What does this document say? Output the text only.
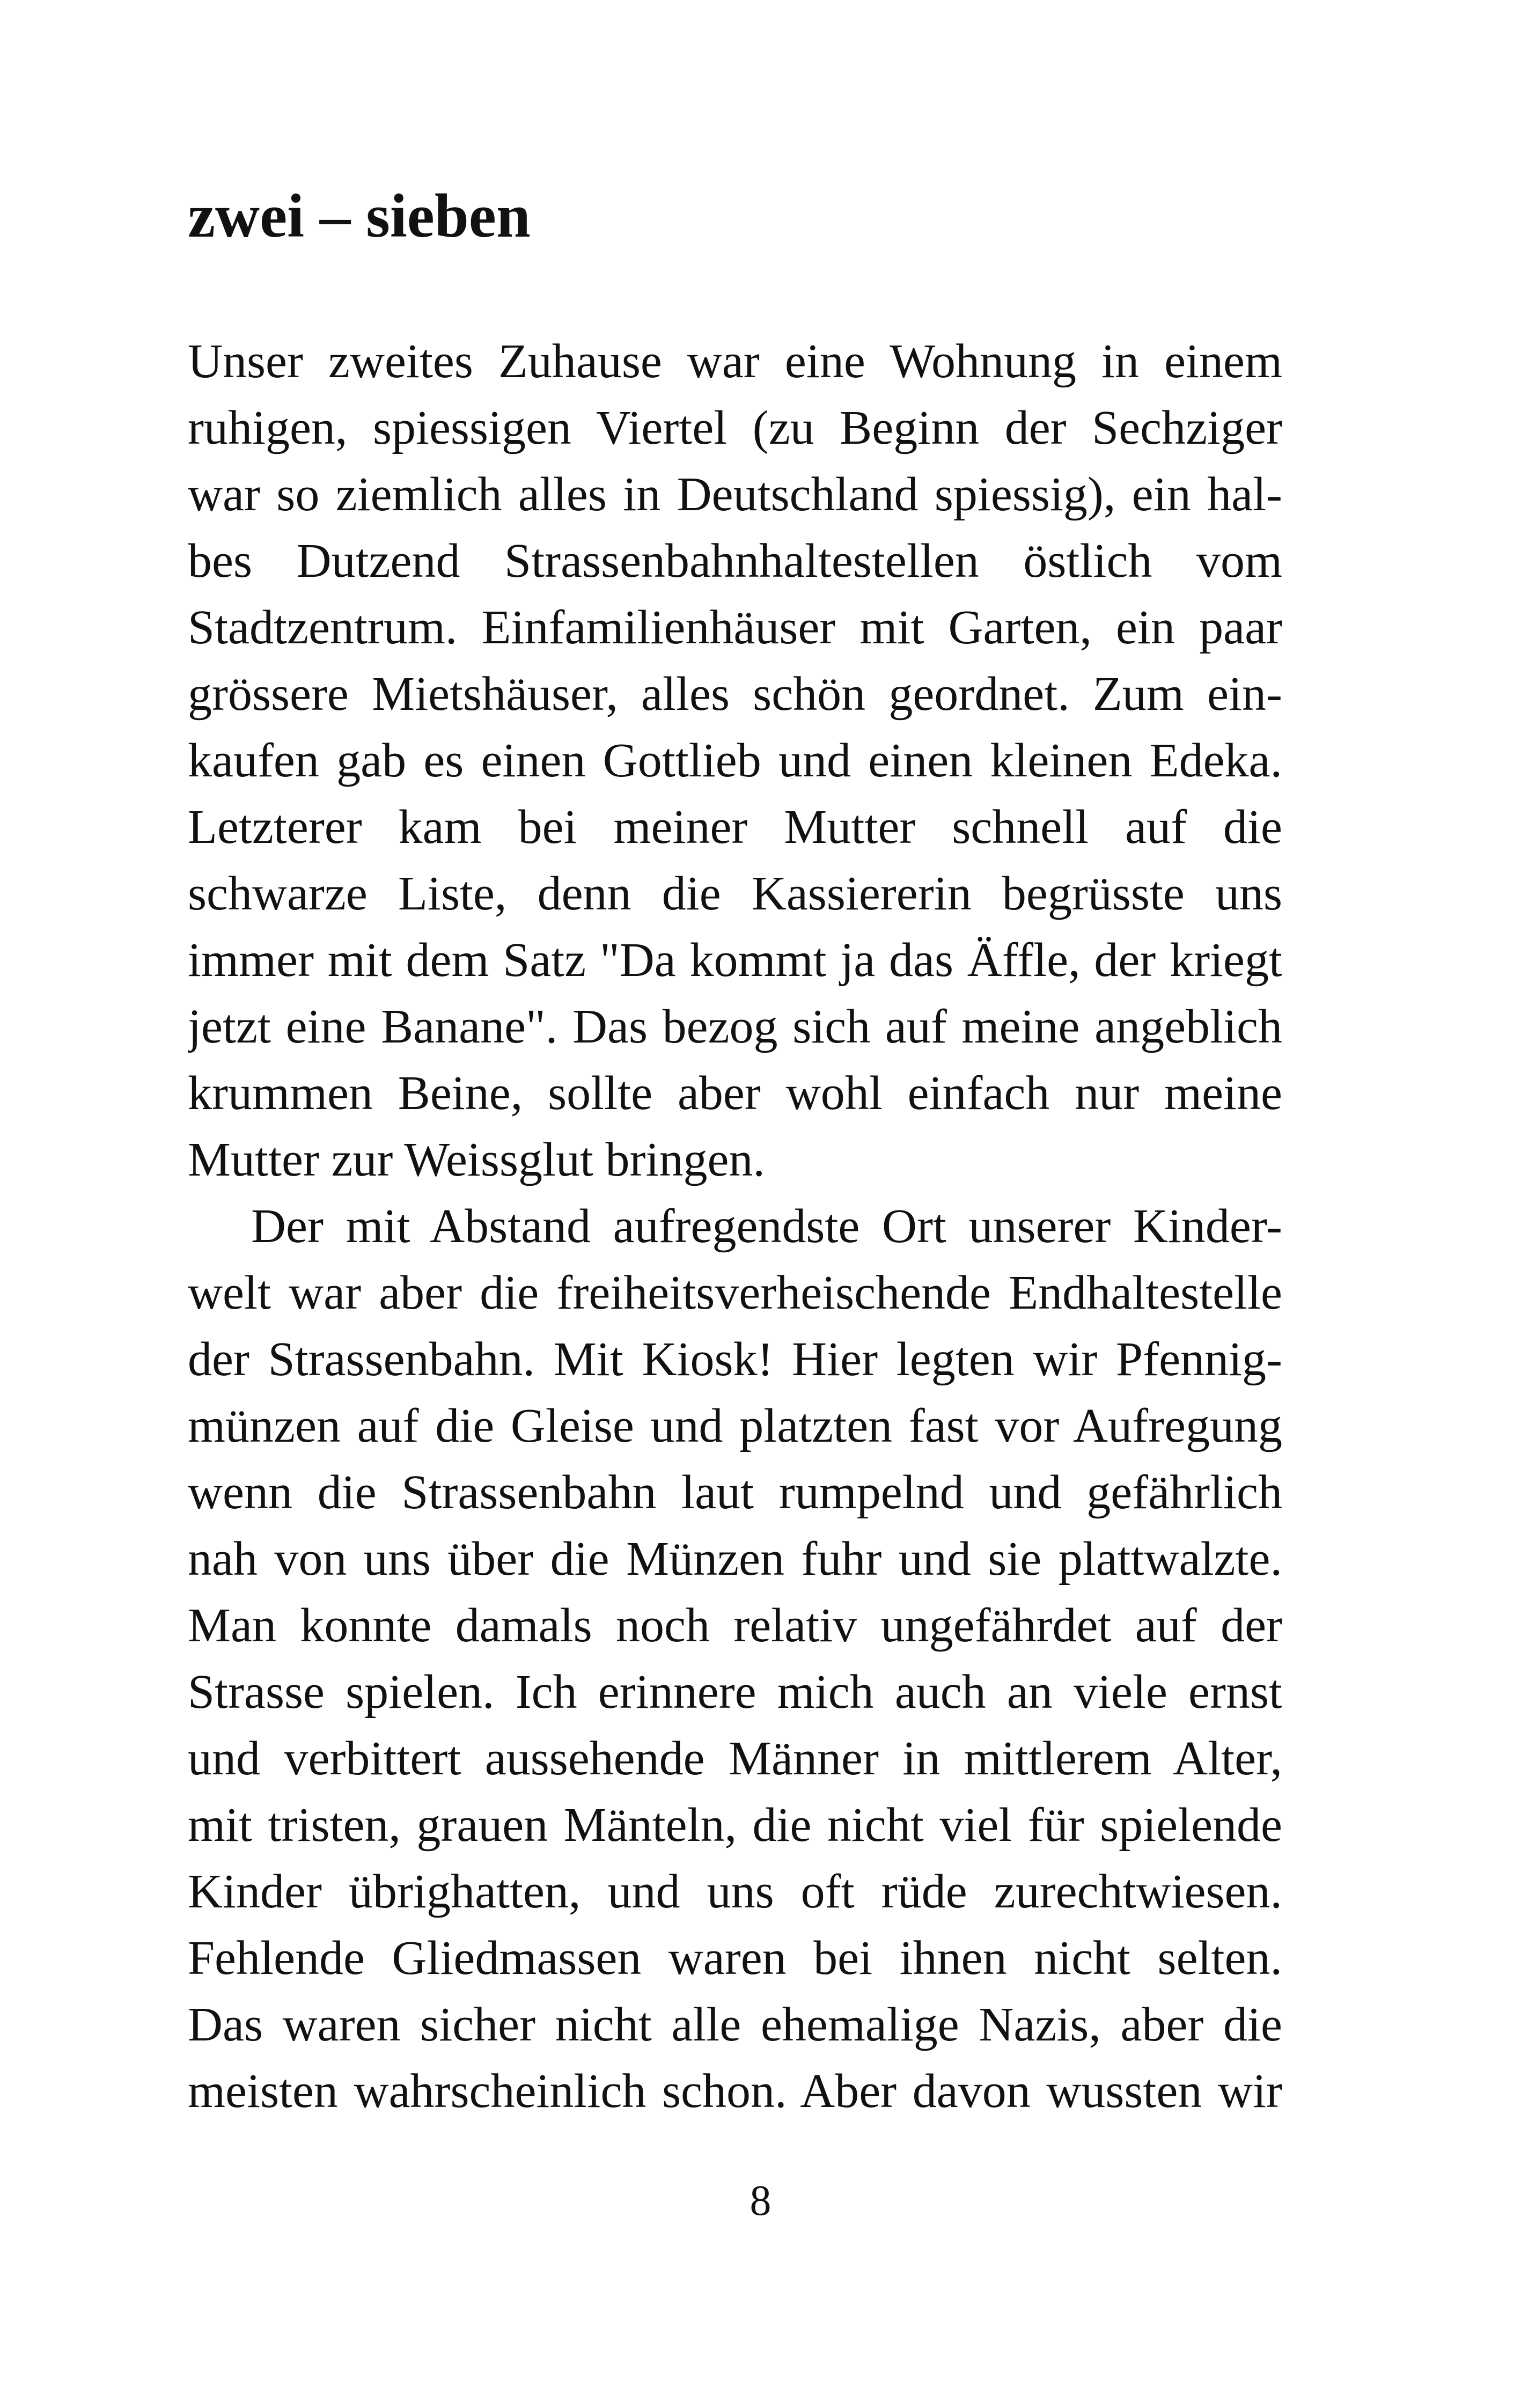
zwei – sieben
Unser zweites Zuhause war eine Wohnung in einem
ruhigen, spiessigen Viertel (zu Beginn der Sechziger
war so ziemlich alles in Deutschland spiessig), ein hal-
bes Dutzend Strassenbahnhaltestellen östlich vom
Stadtzentrum. Einfamilienhäuser mit Garten, ein paar
grössere Mietshäuser, alles schön geordnet. Zum ein-
kaufen gab es einen Gottlieb und einen kleinen Edeka.
Letzterer kam bei meiner Mutter schnell auf die
schwarze Liste, denn die Kassiererin begrüsste uns
immer mit dem Satz "Da kommt ja das Äffle, der kriegt
jetzt eine Banane". Das bezog sich auf meine angeblich
krummen Beine, sollte aber wohl einfach nur meine
Mutter zur Weissglut bringen.
Der mit Abstand aufregendste Ort unserer Kinder-
welt war aber die freiheitsverheischende Endhaltestelle
der Strassenbahn. Mit Kiosk! Hier legten wir Pfennig-
münzen auf die Gleise und platzten fast vor Aufregung
wenn die Strassenbahn laut rumpelnd und gefährlich
nah von uns über die Münzen fuhr und sie plattwalzte.
Man konnte damals noch relativ ungefährdet auf der
Strasse spielen. Ich erinnere mich auch an viele ernst
und verbittert aussehende Männer in mittlerem Alter,
mit tristen, grauen Mänteln, die nicht viel für spielende
Kinder übrighatten, und uns oft rüde zurechtwiesen.
Fehlende Gliedmassen waren bei ihnen nicht selten.
Das waren sicher nicht alle ehemalige Nazis, aber die
meisten wahrscheinlich schon. Aber davon wussten wir
8
